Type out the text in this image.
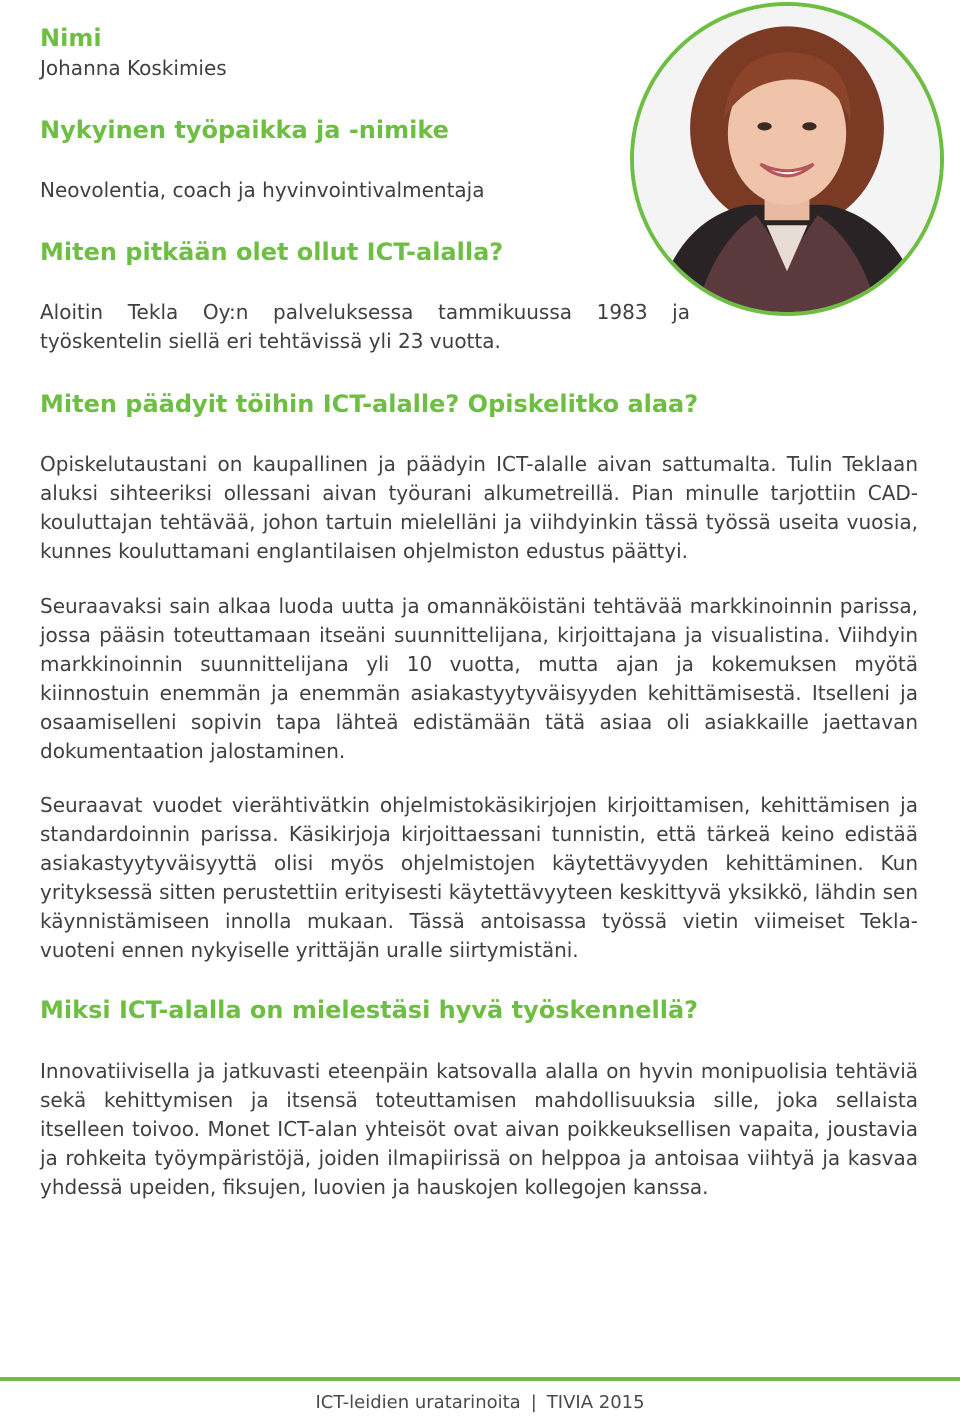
Nimi

Johanna Koskimies

Nykyinen työpaikka ja -nimike

Neovolentia, coach ja hyvinvointivalmentaja

Miten pitkään olet ollut ICT-alalla?

Aloitin Tekla Oy:n palveluksessa tammikuussa 1983 ja työskentelin siellä eri tehtävissä yli 23 vuotta.

Miten päädyit töihin ICT-alalle? Opiskelitko alaa?

Opiskelutaustani on kaupallinen ja päädyin ICT-alalle aivan sattumalta. Tulin Teklaan aluksi sihteeriksi ollessani aivan työurani alkumetreillä. Pian minulle tarjottiin CAD-kouluttajan tehtävää, johon tartuin mielelläni ja viihdyinkin tässä työssä useita vuosia, kunnes kouluttamani englantilaisen ohjelmiston edustus päättyi.

Seuraavaksi sain alkaa luoda uutta ja omannäköistäni tehtävää markkinoinnin parissa, jossa pääsin toteuttamaan itseäni suunnittelijana, kirjoittajana ja visualistina. Viihdyin markkinoinnin suunnittelijana yli 10 vuotta, mutta ajan ja kokemuksen myötä kiinnostuin enemmän ja enemmän asiakastyytyväisyyden kehittämisestä. Itselleni ja osaamiselleni sopivin tapa lähteä edistämään tätä asiaa oli asiakkaille jaettavan dokumentaation jalostaminen.

Seuraavat vuodet vierähtivätkin ohjelmistokäsikirjojen kirjoittamisen, kehittämisen ja standardoinnin parissa. Käsikirjoja kirjoittaessani tunnistin, että tärkeä keino edistää asiakastyytyväisyyttä olisi myös ohjelmistojen käytettävyyden kehittäminen. Kun yrityksessä sitten perustettiin erityisesti käytettävyyteen keskittyvä yksikkö, lähdin sen käynnistämiseen innolla mukaan. Tässä antoisassa työssä vietin viimeiset Tekla-vuoteni ennen nykyiselle yrittäjän uralle siirtymistäni.

Miksi ICT-alalla on mielestäsi hyvä työskennellä?

Innovatiivisella ja jatkuvasti eteenpäin katsovalla alalla on hyvin monipuolisia tehtäviä sekä kehittymisen ja itsensä toteuttamisen mahdollisuuksia sille, joka sellaista itselleen toivoo. Monet ICT-alan yhteisöt ovat aivan poikkeuksellisen vapaita, joustavia ja rohkeita työympäristöjä, joiden ilmapiirissä on helppoa ja antoisaa viihtyä ja kasvaa yhdessä upeiden, fiksujen, luovien ja hauskojen kollegojen kanssa.

ICT-leidien uratarinoita | TIVIA 2015
